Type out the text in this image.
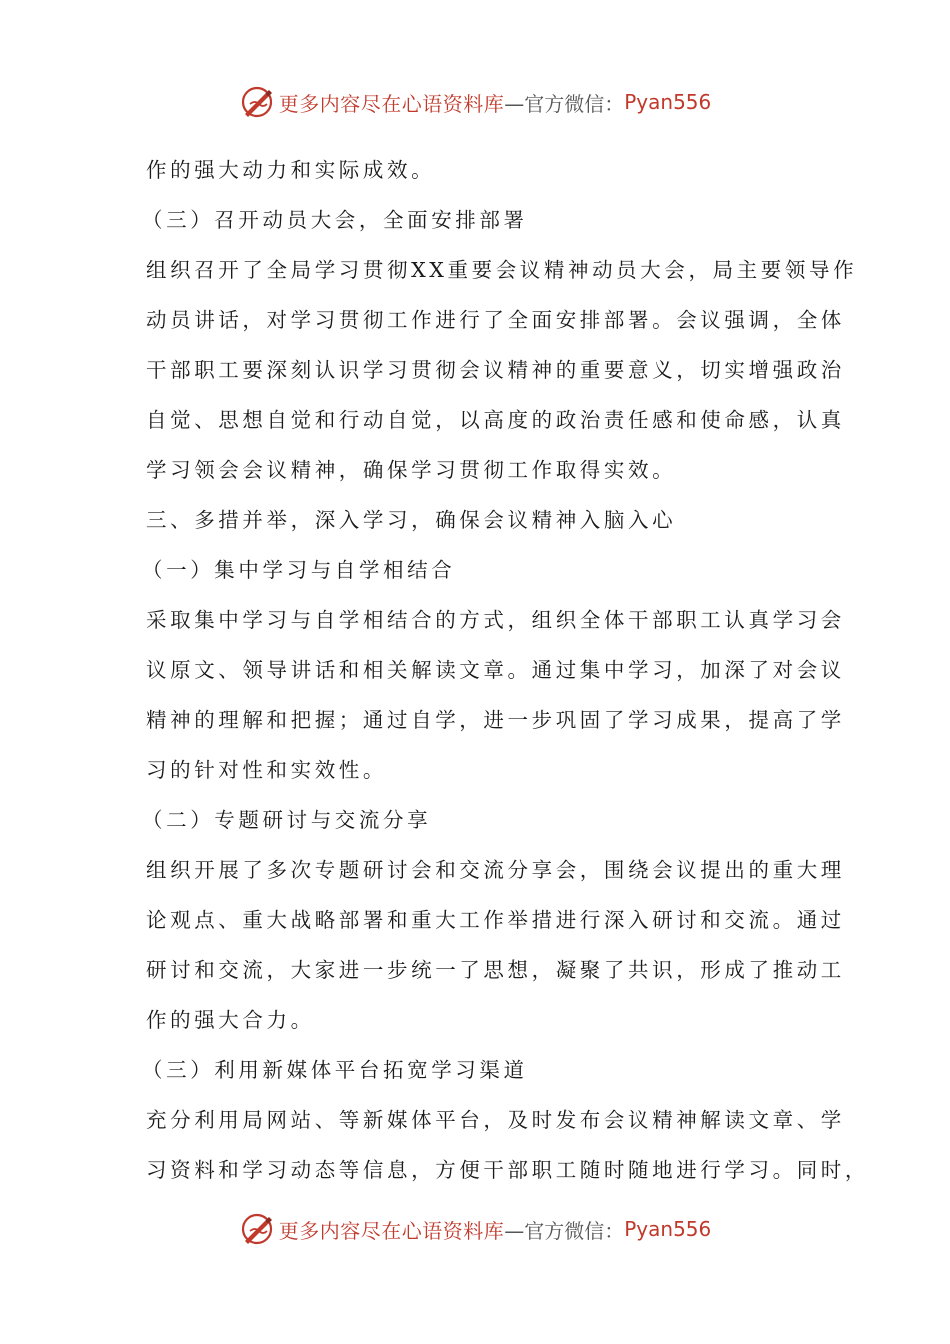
更多内容尽在心语资料库 —官方微信： Pyan556
作的强大动力和实际成效。
（三）召开动员大会，全面安排部署
组织召开了全局学习贯彻XX重要会议精神动员大会，局主要领导作
动员讲话，对学习贯彻工作进行了全面安排部署。会议强调，全体
干部职工要深刻认识学习贯彻会议精神的重要意义，切实增强政治
自觉、思想自觉和行动自觉，以高度的政治责任感和使命感，认真
学习领会会议精神，确保学习贯彻工作取得实效。
三、多措并举，深入学习，确保会议精神入脑入心
（一）集中学习与自学相结合
采取集中学习与自学相结合的方式，组织全体干部职工认真学习会
议原文、领导讲话和相关解读文章。通过集中学习，加深了对会议
精神的理解和把握；通过自学，进一步巩固了学习成果，提高了学
习的针对性和实效性。
（二）专题研讨与交流分享
组织开展了多次专题研讨会和交流分享会，围绕会议提出的重大理
论观点、重大战略部署和重大工作举措进行深入研讨和交流。通过
研讨和交流，大家进一步统一了思想，凝聚了共识，形成了推动工
作的强大合力。
（三）利用新媒体平台拓宽学习渠道
充分利用局网站、等新媒体平台，及时发布会议精神解读文章、学
习资料和学习动态等信息，方便干部职工随时随地进行学习。同时，
更多内容尽在心语资料库 —官方微信： Pyan556
